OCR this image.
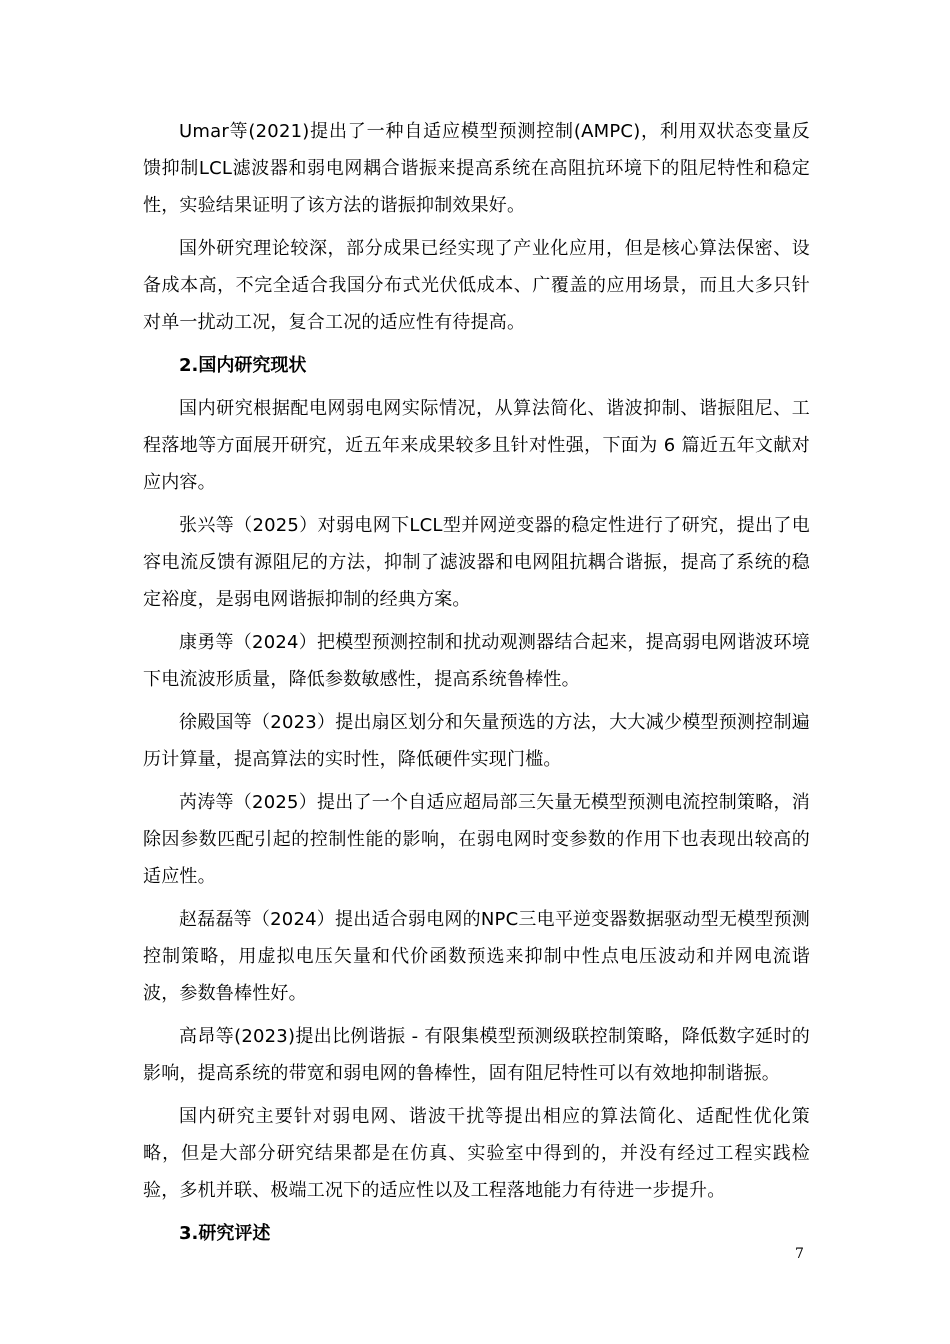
Umar等(2021)提出了一种自适应模型预测控制(AMPC)，利用双状态变量反馈抑制LCL滤波器和弱电网耦合谐振来提高系统在高阻抗环境下的阻尼特性和稳定性，实验结果证明了该方法的谐振抑制效果好。

国外研究理论较深，部分成果已经实现了产业化应用，但是核心算法保密、设备成本高，不完全适合我国分布式光伏低成本、广覆盖的应用场景，而且大多只针对单一扰动工况，复合工况的适应性有待提高。

2.国内研究现状

国内研究根据配电网弱电网实际情况，从算法简化、谐波抑制、谐振阻尼、工程落地等方面展开研究，近五年来成果较多且针对性强，下面为 6 篇近五年文献对应内容。

张兴等（2025）对弱电网下LCL型并网逆变器的稳定性进行了研究，提出了电容电流反馈有源阻尼的方法，抑制了滤波器和电网阻抗耦合谐振，提高了系统的稳定裕度，是弱电网谐振抑制的经典方案。

康勇等（2024）把模型预测控制和扰动观测器结合起来，提高弱电网谐波环境下电流波形质量，降低参数敏感性，提高系统鲁棒性。

徐殿国等（2023）提出扇区划分和矢量预选的方法，大大减少模型预测控制遍历计算量，提高算法的实时性，降低硬件实现门槛。

芮涛等（2025）提出了一个自适应超局部三矢量无模型预测电流控制策略，消除因参数匹配引起的控制性能的影响，在弱电网时变参数的作用下也表现出较高的适应性。

赵磊磊等（2024）提出适合弱电网的NPC三电平逆变器数据驱动型无模型预测控制策略，用虚拟电压矢量和代价函数预选来抑制中性点电压波动和并网电流谐波，参数鲁棒性好。

高昂等(2023)提出比例谐振 - 有限集模型预测级联控制策略，降低数字延时的影响，提高系统的带宽和弱电网的鲁棒性，固有阻尼特性可以有效地抑制谐振。

国内研究主要针对弱电网、谐波干扰等提出相应的算法简化、适配性优化策略，但是大部分研究结果都是在仿真、实验室中得到的，并没有经过工程实践检验，多机并联、极端工况下的适应性以及工程落地能力有待进一步提升。

3.研究评述

7
